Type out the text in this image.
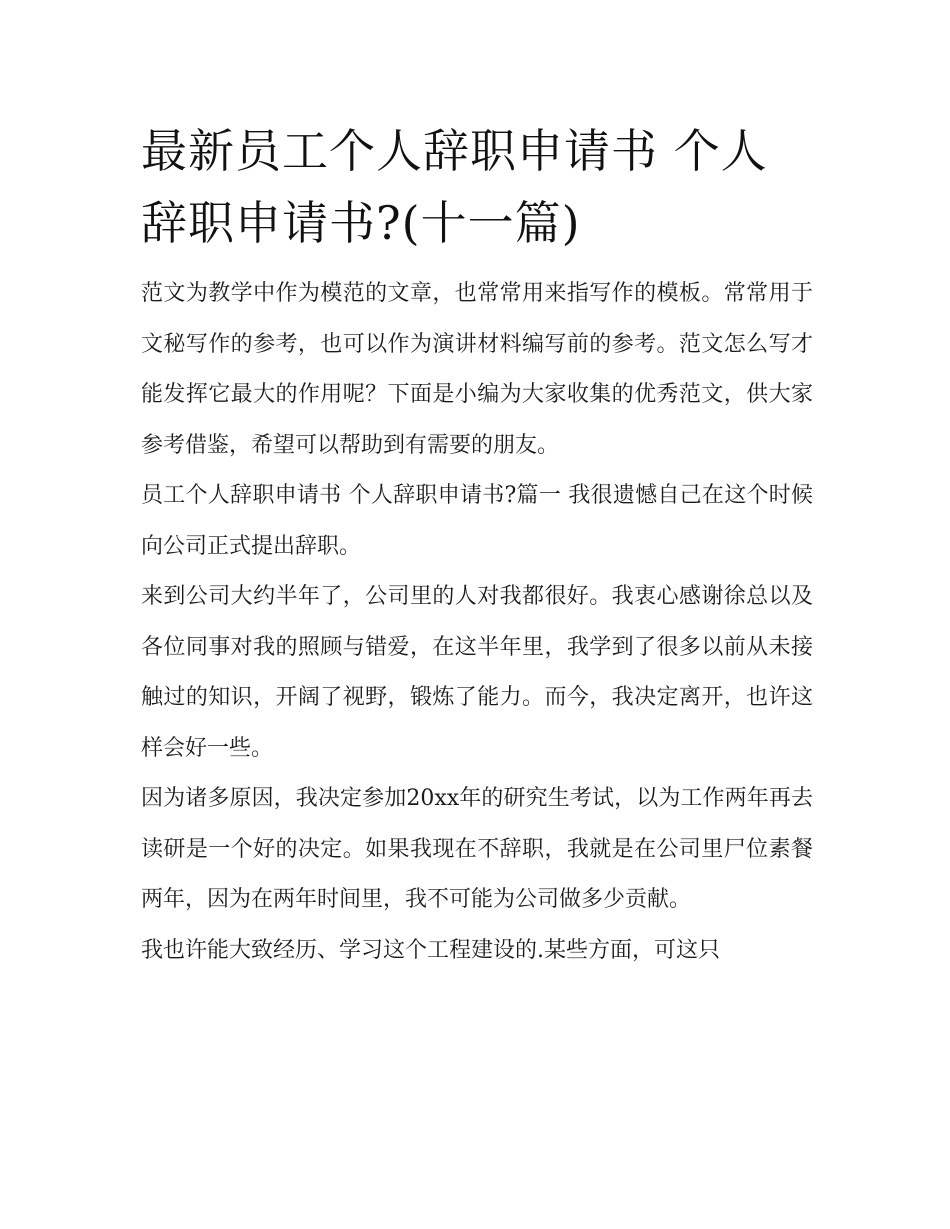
最新员工个人辞职申请书 个人辞职申请书?(十一篇)

范文为教学中作为模范的文章，也常常用来指写作的模板。常常用于文秘写作的参考，也可以作为演讲材料编写前的参考。范文怎么写才能发挥它最大的作用呢？下面是小编为大家收集的优秀范文，供大家参考借鉴，希望可以帮助到有需要的朋友。

员工个人辞职申请书 个人辞职申请书?篇一 我很遗憾自己在这个时候向公司正式提出辞职。

来到公司大约半年了，公司里的人对我都很好。我衷心感谢徐总以及各位同事对我的照顾与错爱，在这半年里，我学到了很多以前从未接触过的知识，开阔了视野，锻炼了能力。而今，我决定离开，也许这样会好一些。

因为诸多原因，我决定参加20xx年的研究生考试，以为工作两年再去读研是一个好的决定。如果我现在不辞职，我就是在公司里尸位素餐两年，因为在两年时间里，我不可能为公司做多少贡献。

我也许能大致经历、学习这个工程建设的.某些方面，可这只
